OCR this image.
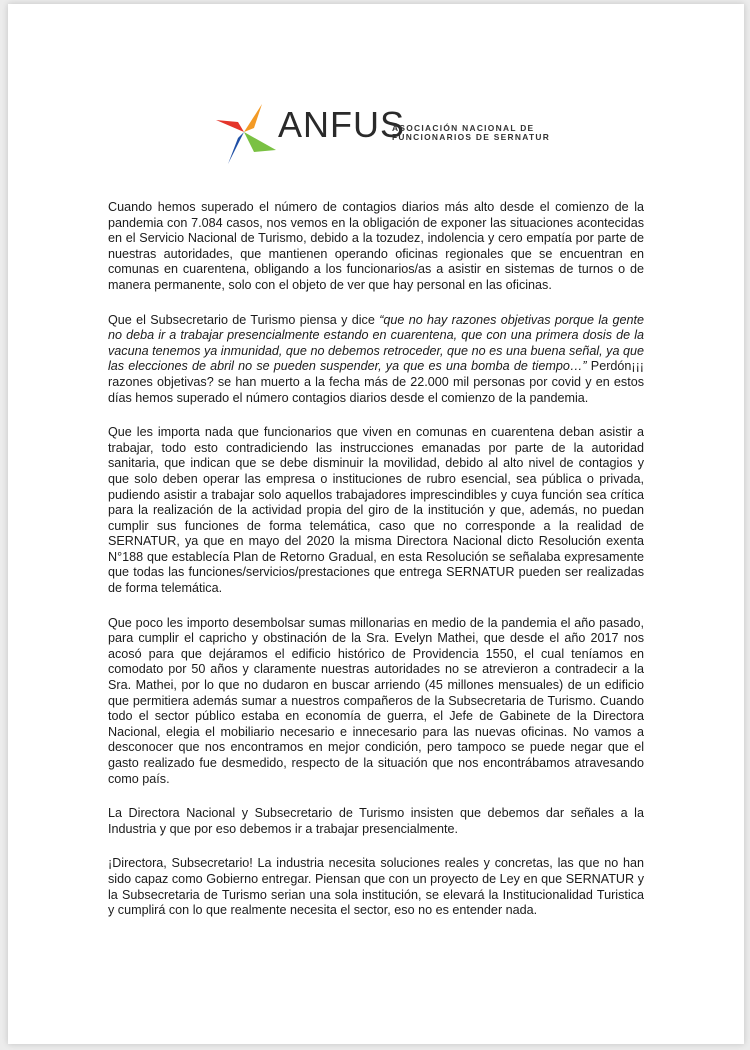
ANFUS
ASOCIACIÓN NACIONAL DE
FUNCIONARIOS DE SERNATUR

Cuando hemos superado el número de contagios diarios más alto desde el comienzo de la pandemia con 7.084 casos, nos vemos en la obligación de exponer las situaciones acontecidas en el Servicio Nacional de Turismo, debido a la tozudez, indolencia y cero empatía por parte de nuestras autoridades, que mantienen operando oficinas regionales que se encuentran en comunas en cuarentena, obligando a los funcionarios/as a asistir en sistemas de turnos o de manera permanente, solo con el objeto de ver que hay personal en las oficinas.

Que el Subsecretario de Turismo piensa y dice “que no hay razones objetivas porque la gente no deba ir a trabajar presencialmente estando en cuarentena, que con una primera dosis de la vacuna tenemos ya inmunidad, que no debemos retroceder, que no es una buena señal, ya que las elecciones de abril no se pueden suspender, ya que es una bomba de tiempo…” Perdón¡¡¡ razones objetivas? se han muerto a la fecha más de 22.000 mil personas por covid y en estos días hemos superado el número contagios diarios desde el comienzo de la pandemia.

Que les importa nada que funcionarios que viven en comunas en cuarentena deban asistir a trabajar, todo esto contradiciendo las instrucciones emanadas por parte de la autoridad sanitaria, que indican que se debe disminuir la movilidad, debido al alto nivel de contagios y que solo deben operar las empresa o instituciones de rubro esencial, sea pública o privada, pudiendo asistir a trabajar solo aquellos trabajadores imprescindibles y cuya función sea crítica para la realización de la actividad propia del giro de la institución y que, además, no puedan cumplir sus funciones de forma telemática, caso que no corresponde a la realidad de SERNATUR, ya que en mayo del 2020 la misma Directora Nacional dicto Resolución exenta N°188 que establecía Plan de Retorno Gradual, en esta Resolución se señalaba expresamente que todas las funciones/servicios/prestaciones que entrega SERNATUR pueden ser realizadas de forma telemática.

Que poco les importo desembolsar sumas millonarias en medio de la pandemia el año pasado, para cumplir el capricho y obstinación de la Sra. Evelyn Mathei, que desde el año 2017 nos acosó para que dejáramos el edificio histórico de Providencia 1550, el cual teníamos en comodato por 50 años y claramente nuestras autoridades no se atrevieron a contradecir a la Sra. Mathei, por lo que no dudaron en buscar arriendo (45 millones mensuales) de un edificio que permitiera además sumar a nuestros compañeros de la Subsecretaria de Turismo. Cuando todo el sector público estaba en economía de guerra, el Jefe de Gabinete de la Directora Nacional, elegia el mobiliario necesario e innecesario para las nuevas oficinas. No vamos a desconocer que nos encontramos en mejor condición, pero tampoco se puede negar que el gasto realizado fue desmedido, respecto de la situación que nos encontrábamos atravesando como país.

La Directora Nacional y Subsecretario de Turismo insisten que debemos dar señales a la Industria y que por eso debemos ir a trabajar presencialmente.

¡Directora, Subsecretario! La industria necesita soluciones reales y concretas, las que no han sido capaz como Gobierno entregar. Piensan que con un proyecto de Ley en que SERNATUR y la Subsecretaria de Turismo serian una sola institución, se elevará la Institucionalidad Turistica y cumplirá con lo que realmente necesita el sector, eso no es entender nada.
